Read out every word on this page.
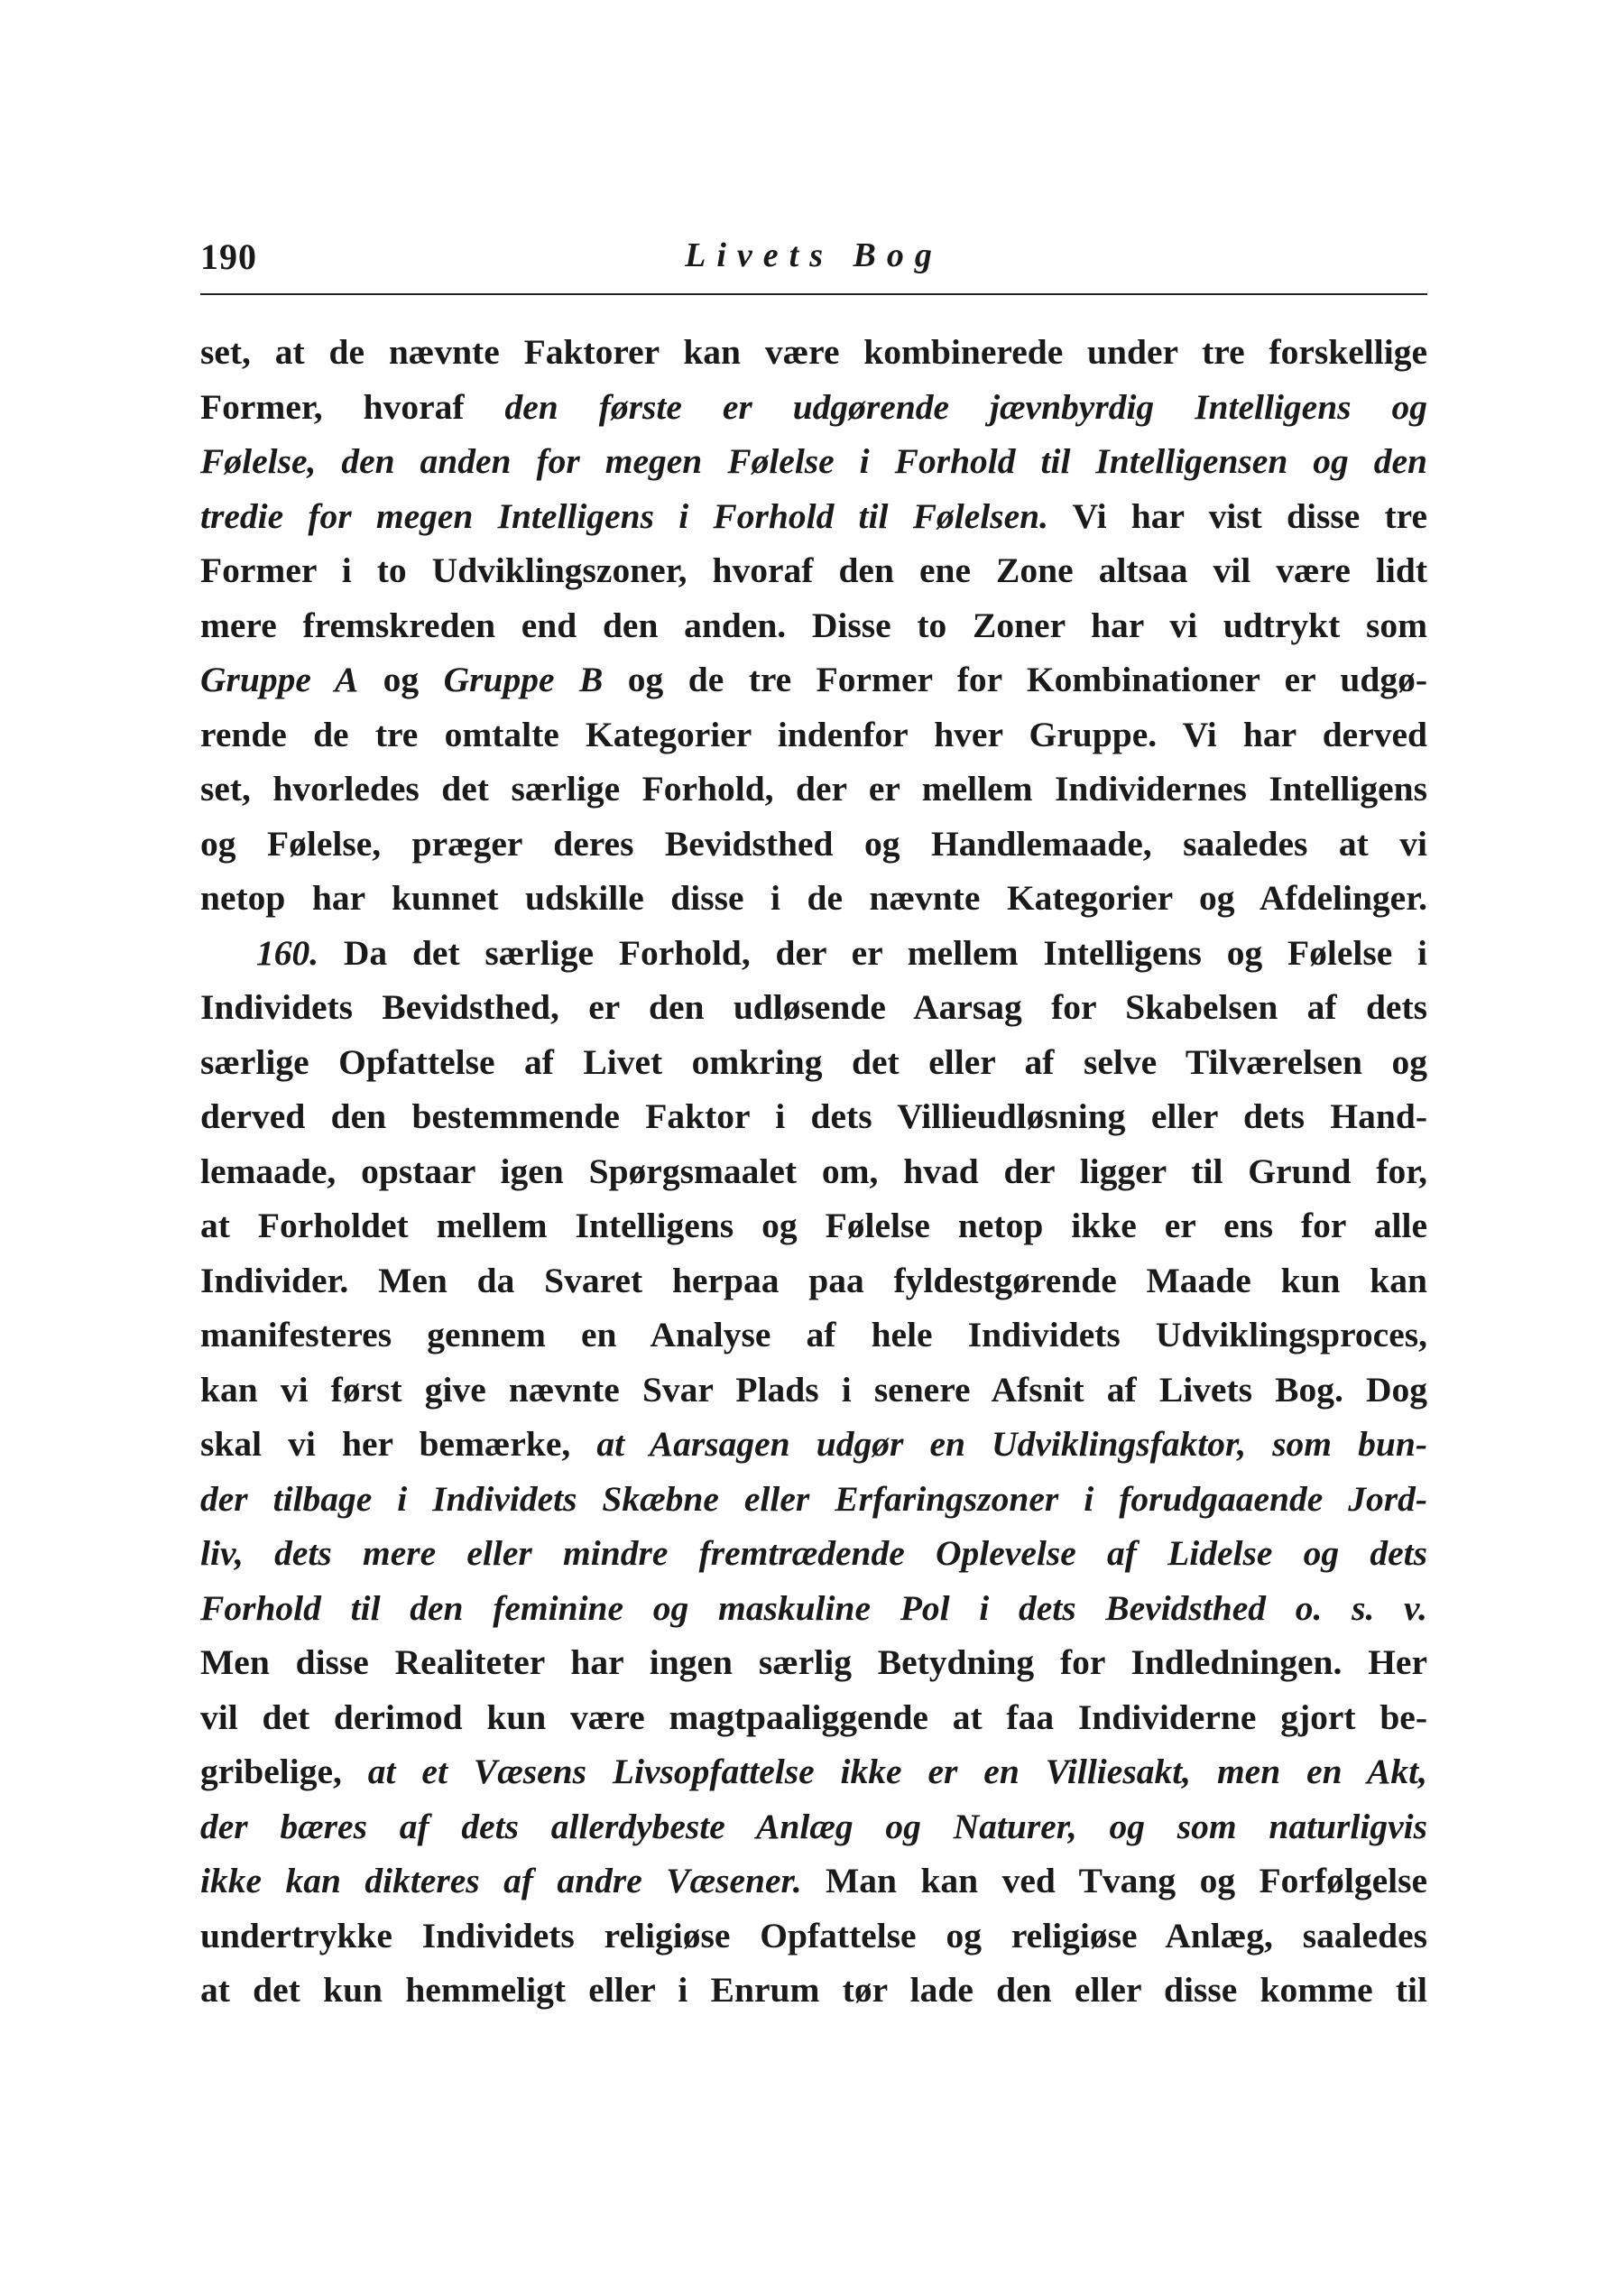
190	Livets Bog
set, at de nævnte Faktorer kan være kombinerede under tre forskellige
Former, hvoraf den første er udgørende jævnbyrdig Intelligens og
Følelse, den anden for megen Følelse i Forhold til Intelligensen og den
tredie for megen Intelligens i Forhold til Følelsen. Vi har vist disse tre
Former i to Udviklingszoner, hvoraf den ene Zone altsaa vil være lidt
mere fremskreden end den anden. Disse to Zoner har vi udtrykt som
Gruppe A og Gruppe B og de tre Former for Kombinationer er udgø-
rende de tre omtalte Kategorier indenfor hver Gruppe. Vi har derved
set, hvorledes det særlige Forhold, der er mellem Individernes Intelligens
og Følelse, præger deres Bevidsthed og Handlemaade, saaledes at vi
netop har kunnet udskille disse i de nævnte Kategorier og Afdelinger.
160. Da det særlige Forhold, der er mellem Intelligens og Følelse i
Individets Bevidsthed, er den udløsende Aarsag for Skabelsen af dets
særlige Opfattelse af Livet omkring det eller af selve Tilværelsen og
derved den bestemmende Faktor i dets Villieudløsning eller dets Hand-
lemaade, opstaar igen Spørgsmaalet om, hvad der ligger til Grund for,
at Forholdet mellem Intelligens og Følelse netop ikke er ens for alle
Individer. Men da Svaret herpaa paa fyldestgørende Maade kun kan
manifesteres gennem en Analyse af hele Individets Udviklingsproces,
kan vi først give nævnte Svar Plads i senere Afsnit af Livets Bog. Dog
skal vi her bemærke, at Aarsagen udgør en Udviklingsfaktor, som bun-
der tilbage i Individets Skæbne eller Erfaringszoner i forudgaaende Jord-
liv, dets mere eller mindre fremtrædende Oplevelse af Lidelse og dets
Forhold til den feminine og maskuline Pol i dets Bevidsthed o. s. v.
Men disse Realiteter har ingen særlig Betydning for Indledningen. Her
vil det derimod kun være magtpaaliggende at faa Individerne gjort be-
gribelige, at et Væsens Livsopfattelse ikke er en Villiesakt, men en Akt,
der bæres af dets allerdybeste Anlæg og Naturer, og som naturligvis
ikke kan dikteres af andre Væsener. Man kan ved Tvang og Forfølgelse
undertrykke Individets religiøse Opfattelse og religiøse Anlæg, saaledes
at det kun hemmeligt eller i Enrum tør lade den eller disse komme til
